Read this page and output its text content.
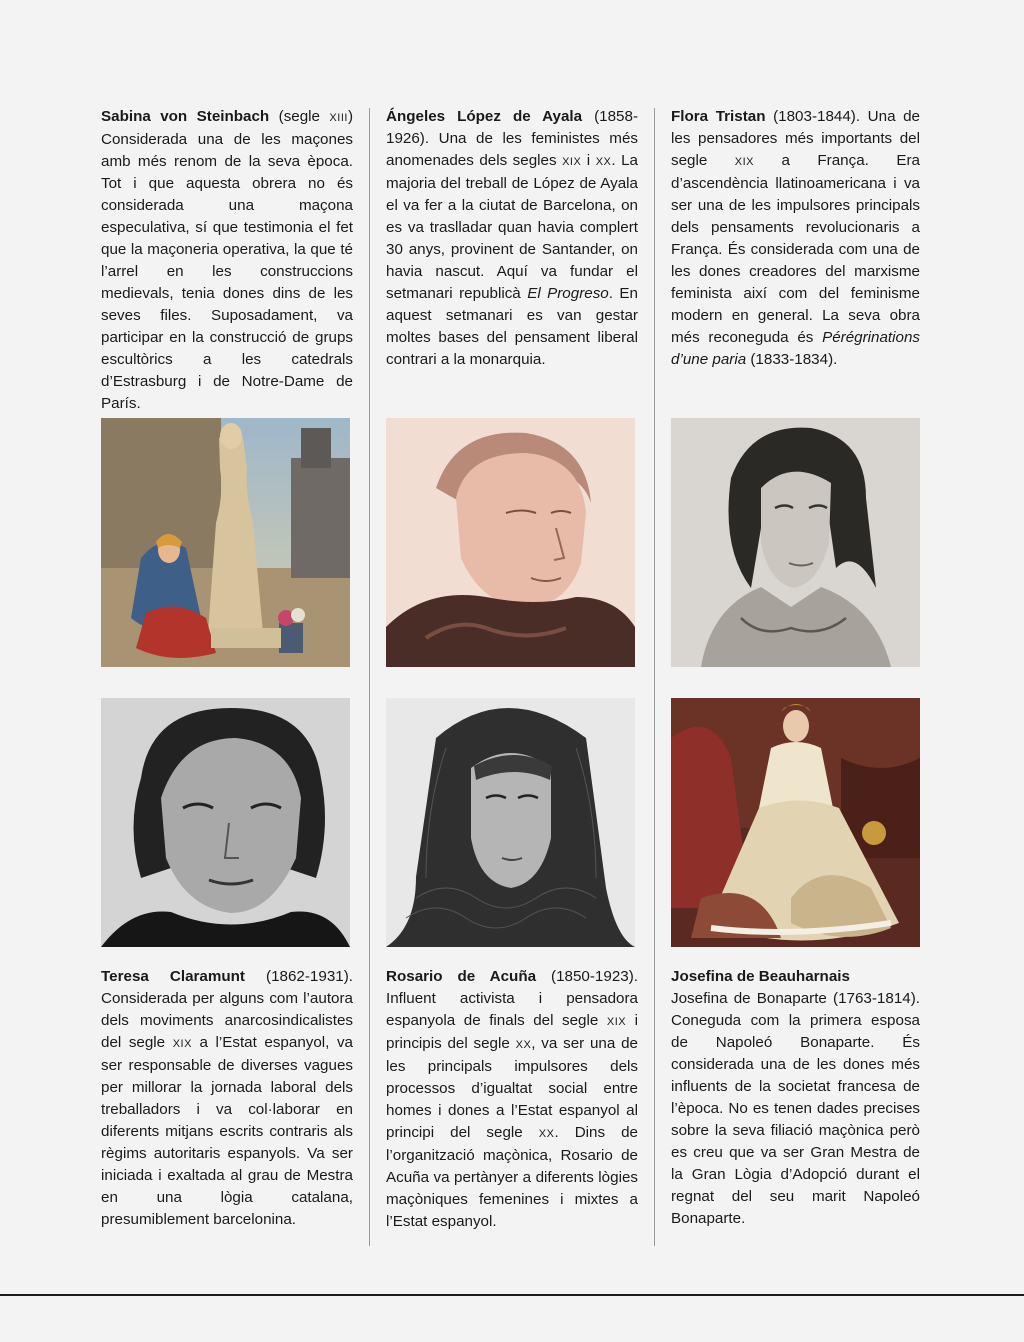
Sabina von Steinbach (segle XIII) Considerada una de les maçones amb més renom de la seva època. Tot i que aquesta obrera no és considerada una maçona especulativa, sí que testimonia el fet que la maçoneria operativa, la que té l’arrel en les construccions medievals, tenia dones dins de les seves files. Suposadament, va participar en la construcció de grups escultòrics a les catedrals d’Estrasburg i de Notre-Dame de París.
Ángeles López de Ayala (1858-1926). Una de les feministes més anomenades dels segles XIX i XX. La majoria del treball de López de Ayala el va fer a la ciutat de Barcelona, on es va traslladar quan havia complert 30 anys, provinent de Santander, on havia nascut. Aquí va fundar el setmanari republicà El Progreso. En aquest setmanari es van gestar moltes bases del pensament liberal contrari a la monarquia.
Flora Tristan (1803-1844). Una de les pensadores més importants del segle XIX a França. Era d’ascendència llatinoamericana i va ser una de les impulsores principals dels pensaments revolucionaris a França. És considerada com una de les dones creadores del marxisme feminista així com del feminisme modern en general. La seva obra més reconeguda és Pérégrinations d’une paria (1833-1834).
Teresa Claramunt (1862-1931). Considerada per alguns com l’autora dels moviments anarcosindicalistes del segle XIX a l’Estat espanyol, va ser responsable de diverses vagues per millorar la jornada laboral dels treballadors i va col·laborar en diferents mitjans escrits contraris als règims autoritaris espanyols. Va ser iniciada i exaltada al grau de Mestra en una lògia catalana, presumiblement barcelonina.
Rosario de Acuña (1850-1923). Influent activista i pensadora espanyola de finals del segle XIX i principis del segle XX, va ser una de les principals impulsores dels processos d’igualtat social entre homes i dones a l’Estat espanyol al principi del segle XX. Dins de l’organització maçònica, Rosario de Acuña va pertànyer a diferents lògies maçòniques femenines i mixtes a l’Estat espanyol.
Josefina de Beauharnais
Josefina de Bonaparte (1763-1814). Coneguda com la primera esposa de Napoleó Bonaparte. És considerada una de les dones més influents de la societat francesa de l’època. No es tenen dades precises sobre la seva filiació maçònica però es creu que va ser Gran Mestra de la Gran Lògia d’Adopció durant el regnat del seu marit Napoleó Bonaparte.
